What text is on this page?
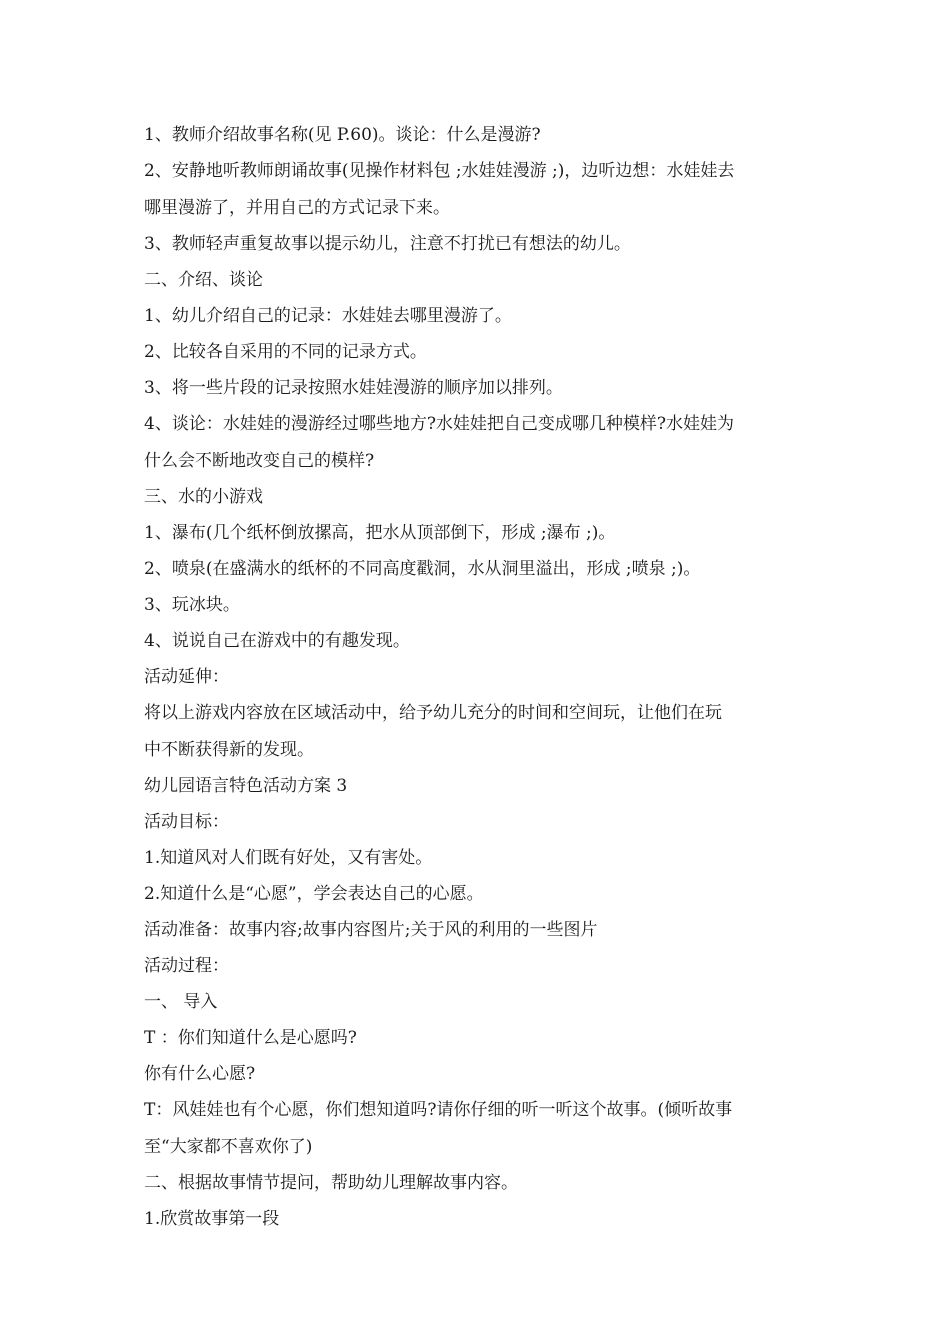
1、教师介绍故事名称(见 P.60)。谈论：什么是漫游?
2、安静地听教师朗诵故事(见操作材料包 ;水娃娃漫游 ;)，边听边想：水娃娃去
哪里漫游了，并用自己的方式记录下来。
3、教师轻声重复故事以提示幼儿，注意不打扰已有想法的幼儿。
二、介绍、谈论
1、幼儿介绍自己的记录：水娃娃去哪里漫游了。
2、比较各自采用的不同的记录方式。
3、将一些片段的记录按照水娃娃漫游的顺序加以排列。
4、谈论：水娃娃的漫游经过哪些地方?水娃娃把自己变成哪几种模样?水娃娃为
什么会不断地改变自己的模样?
三、水的小游戏
1、瀑布(几个纸杯倒放摞高，把水从顶部倒下，形成 ;瀑布 ;)。
2、喷泉(在盛满水的纸杯的不同高度戳洞，水从洞里溢出，形成 ;喷泉 ;)。
3、玩冰块。
4、说说自己在游戏中的有趣发现。
活动延伸：
将以上游戏内容放在区域活动中，给予幼儿充分的时间和空间玩，让他们在玩
中不断获得新的发现。
幼儿园语言特色活动方案 3
活动目标：
1.知道风对人们既有好处，又有害处。
2.知道什么是“心愿”，学会表达自己的心愿。
活动准备：故事内容;故事内容图片;关于风的利用的一些图片
活动过程：
一、 导入
T ：你们知道什么是心愿吗?
你有什么心愿?
T：风娃娃也有个心愿，你们想知道吗?请你仔细的听一听这个故事。(倾听故事
至“大家都不喜欢你了)
二、根据故事情节提问，帮助幼儿理解故事内容。
1.欣赏故事第一段
